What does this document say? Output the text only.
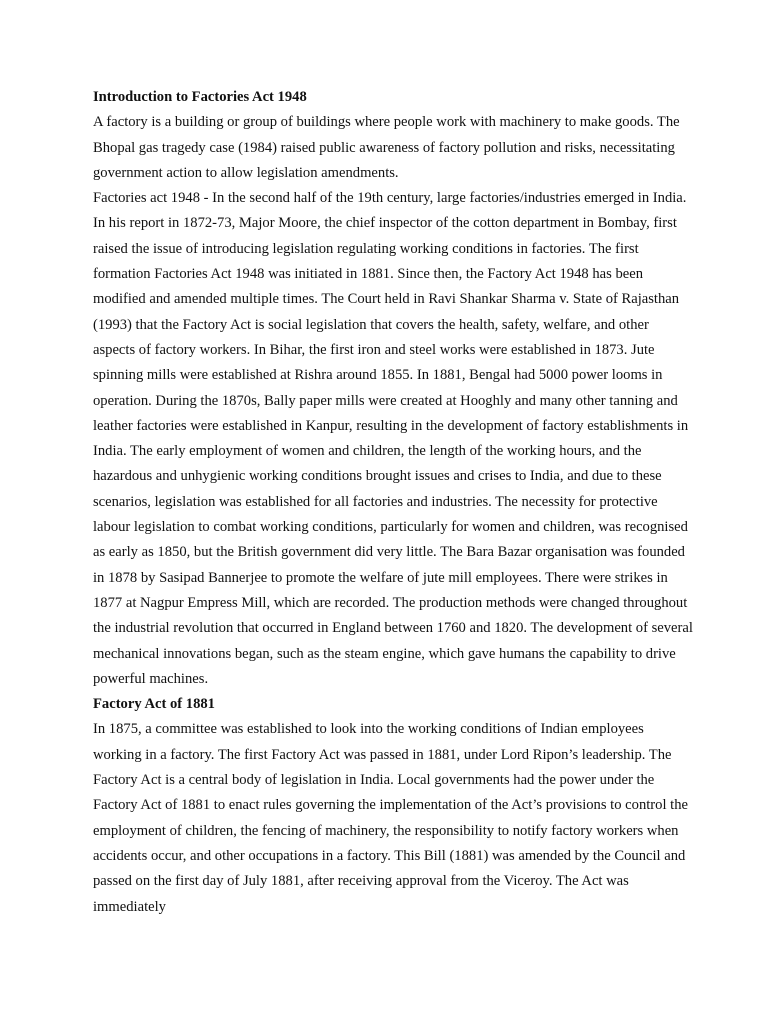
Introduction to Factories Act 1948

A factory is a building or group of buildings where people work with machinery to make goods. The Bhopal gas tragedy case (1984) raised public awareness of factory pollution and risks, necessitating government action to allow legislation amendments.

Factories act 1948 - In the second half of the 19th century, large factories/industries emerged in India. In his report in 1872-73, Major Moore, the chief inspector of the cotton department in Bombay, first raised the issue of introducing legislation regulating working conditions in factories. The first formation Factories Act 1948 was initiated in 1881. Since then, the Factory Act 1948 has been modified and amended multiple times. The Court held in Ravi Shankar Sharma v. State of Rajasthan (1993) that the Factory Act is social legislation that covers the health, safety, welfare, and other aspects of factory workers. In Bihar, the first iron and steel works were established in 1873. Jute spinning mills were established at Rishra around 1855. In 1881, Bengal had 5000 power looms in operation. During the 1870s, Bally paper mills were created at Hooghly and many other tanning and leather factories were established in Kanpur, resulting in the development of factory establishments in India. The early employment of women and children, the length of the working hours, and the hazardous and unhygienic working conditions brought issues and crises to India, and due to these scenarios, legislation was established for all factories and industries. The necessity for protective labour legislation to combat working conditions, particularly for women and children, was recognised as early as 1850, but the British government did very little. The Bara Bazar organisation was founded in 1878 by Sasipad Bannerjee to promote the welfare of jute mill employees. There were strikes in 1877 at Nagpur Empress Mill, which are recorded. The production methods were changed throughout the industrial revolution that occurred in England between 1760 and 1820. The development of several mechanical innovations began, such as the steam engine, which gave humans the capability to drive powerful machines.

Factory Act of 1881

In 1875, a committee was established to look into the working conditions of Indian employees working in a factory. The first Factory Act was passed in 1881, under Lord Ripon’s leadership. The Factory Act is a central body of legislation in India. Local governments had the power under the Factory Act of 1881 to enact rules governing the implementation of the Act’s provisions to control the employment of children, the fencing of machinery, the responsibility to notify factory workers when accidents occur, and other occupations in a factory. This Bill (1881) was amended by the Council and passed on the first day of July 1881, after receiving approval from the Viceroy. The Act was immediately
